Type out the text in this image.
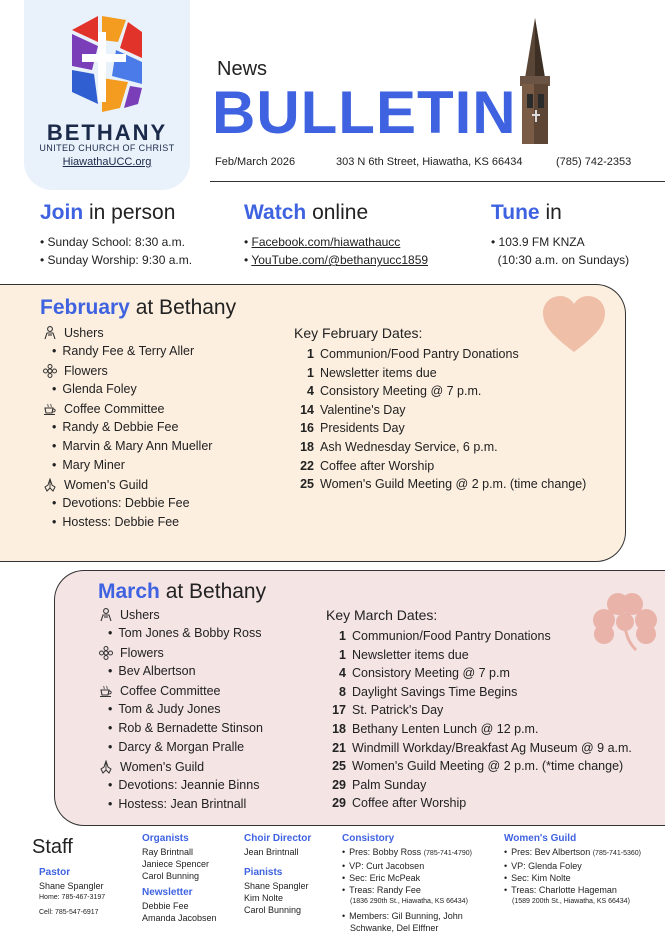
BETHANY
UNITED CHURCH OF CHRIST
HiawathaUCC.org
News
BULLETIN
Feb/March 2026	303 N 6th Street, Hiawatha, KS 66434	(785) 742-2353
Join in person
• Sunday School: 8:30 a.m.
• Sunday Worship: 9:30 a.m.
Watch online
• Facebook.com/hiawathaucc
• YouTube.com/@bethanyucc1859
Tune in
• 103.9 FM KNZA
(10:30 a.m. on Sundays)
February at Bethany
Ushers
• Randy Fee & Terry Aller
Flowers
• Glenda Foley
Coffee Committee
• Randy & Debbie Fee
• Marvin & Mary Ann Mueller
• Mary Miner
Women's Guild
• Devotions: Debbie Fee
• Hostess: Debbie Fee
Key February Dates:
1 Communion/Food Pantry Donations
1 Newsletter items due
4 Consistory Meeting @ 7 p.m.
14 Valentine's Day
16 Presidents Day
18 Ash Wednesday Service, 6 p.m.
22 Coffee after Worship
25 Women's Guild Meeting @ 2 p.m. (time change)
March at Bethany
Ushers
• Tom Jones & Bobby Ross
Flowers
• Bev Albertson
Coffee Committee
• Tom & Judy Jones
• Rob & Bernadette Stinson
• Darcy & Morgan Pralle
Women's Guild
• Devotions: Jeannie Binns
• Hostess: Jean Brintnall
Key March Dates:
1 Communion/Food Pantry Donations
1 Newsletter items due
4 Consistory Meeting @ 7 p.m
8 Daylight Savings Time Begins
17 St. Patrick's Day
18 Bethany Lenten Lunch @ 12 p.m.
21 Windmill Workday/Breakfast Ag Museum @ 9 a.m.
25 Women's Guild Meeting @ 2 p.m. (*time change)
29 Palm Sunday
29 Coffee after Worship
Staff
Pastor
Shane Spangler
Home: 785-467-3197
Cell: 785-547-6917
Organists
Ray Brintnall
Janiece Spencer
Carol Bunning
Newsletter
Debbie Fee
Amanda Jacobsen
Choir Director
Jean Brintnall
Pianists
Shane Spangler
Kim Nolte
Carol Bunning
Consistory
• Pres: Bobby Ross (785-741-4790)
• VP: Curt Jacobsen
• Sec: Eric McPeak
• Treas: Randy Fee
(1836 290th St., Hiawatha, KS 66434)
• Members: Gil Bunning, John
Schwanke, Del Elffner
Women's Guild
• Pres: Bev Albertson (785-741-5360)
• VP: Glenda Foley
• Sec: Kim Nolte
• Treas: Charlotte Hageman
(1589 200th St., Hiawatha, KS 66434)
